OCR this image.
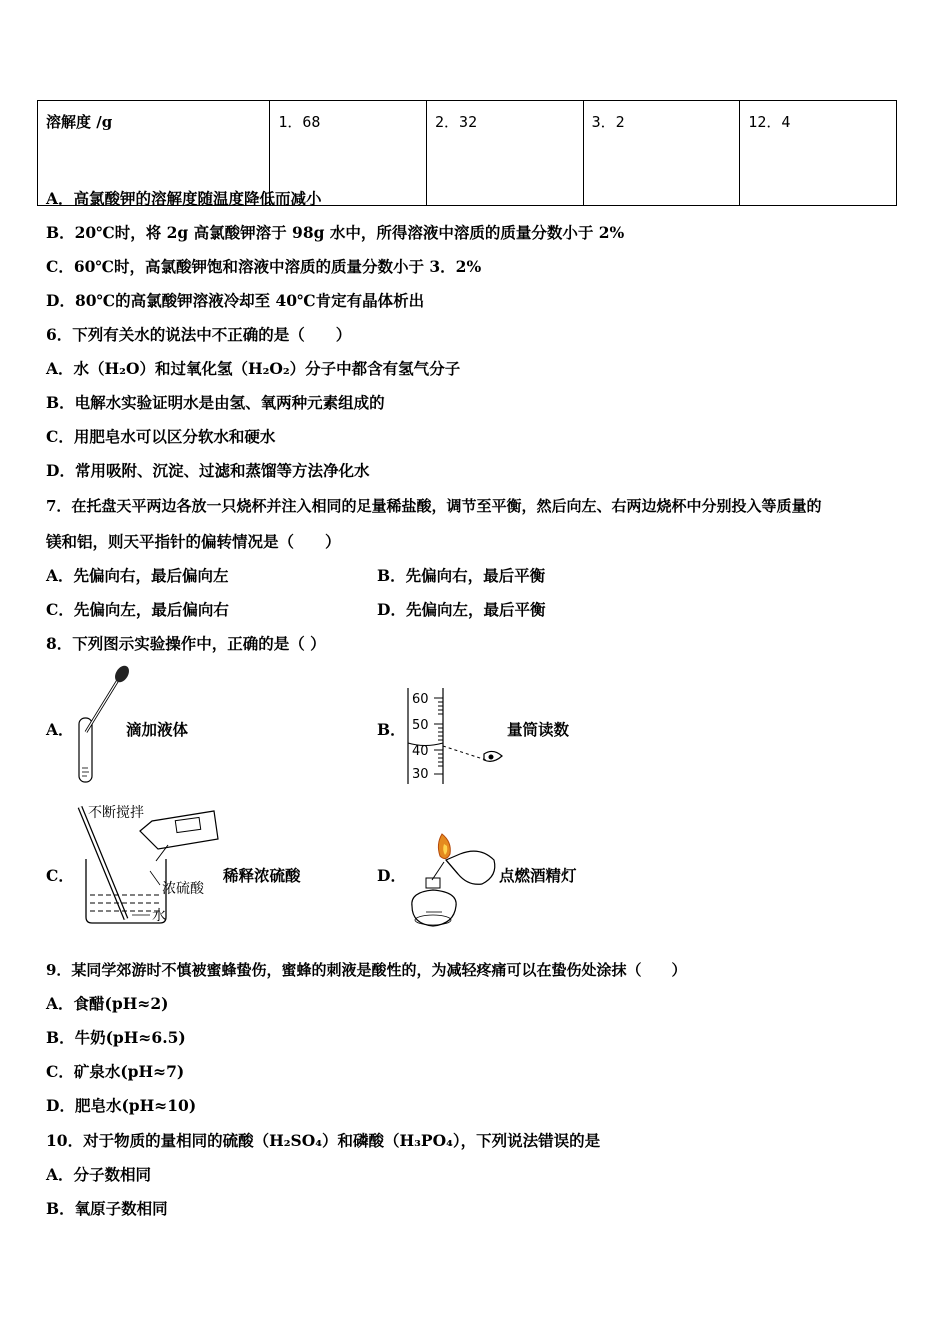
溶解度 /g	1．68	2．32	3．2	12．4
A．高氯酸钾的溶解度随温度降低而减小
B．20℃时，将 2g 高氯酸钾溶于 98g 水中，所得溶液中溶质的质量分数小于 2%
C．60℃时，高氯酸钾饱和溶液中溶质的质量分数小于 3．2%
D．80℃的高氯酸钾溶液冷却至 40℃肯定有晶体析出
6．下列有关水的说法中不正确的是（　　）
A．水（H₂O）和过氧化氢（H₂O₂）分子中都含有氢气分子
B．电解水实验证明水是由氢、氧两种元素组成的
C．用肥皂水可以区分软水和硬水
D．常用吸附、沉淀、过滤和蒸馏等方法净化水
7．在托盘天平两边各放一只烧杯并注入相同的足量稀盐酸，调节至平衡，然后向左、右两边烧杯中分别投入等质量的
镁和铝，则天平指针的偏转情况是（　　）
A．先偏向右，最后偏向左	B．先偏向右，最后平衡
C．先偏向左，最后偏向右	D．先偏向左，最后平衡
8．下列图示实验操作中，正确的是（ ）
A．	滴加液体	B．
60
50
40
30
量筒读数
C．
不断搅拌
浓硫酸
水
稀释浓硫酸	D．	点燃酒精灯
9．某同学郊游时不慎被蜜蜂蛰伤，蜜蜂的刺液是酸性的，为减轻疼痛可以在蛰伤处涂抹（　　）
A．食醋(pH≈2)
B．牛奶(pH≈6.5)
C．矿泉水(pH≈7)
D．肥皂水(pH≈10)
10．对于物质的量相同的硫酸（H₂SO₄）和磷酸（H₃PO₄），下列说法错误的是
A．分子数相同
B．氧原子数相同
